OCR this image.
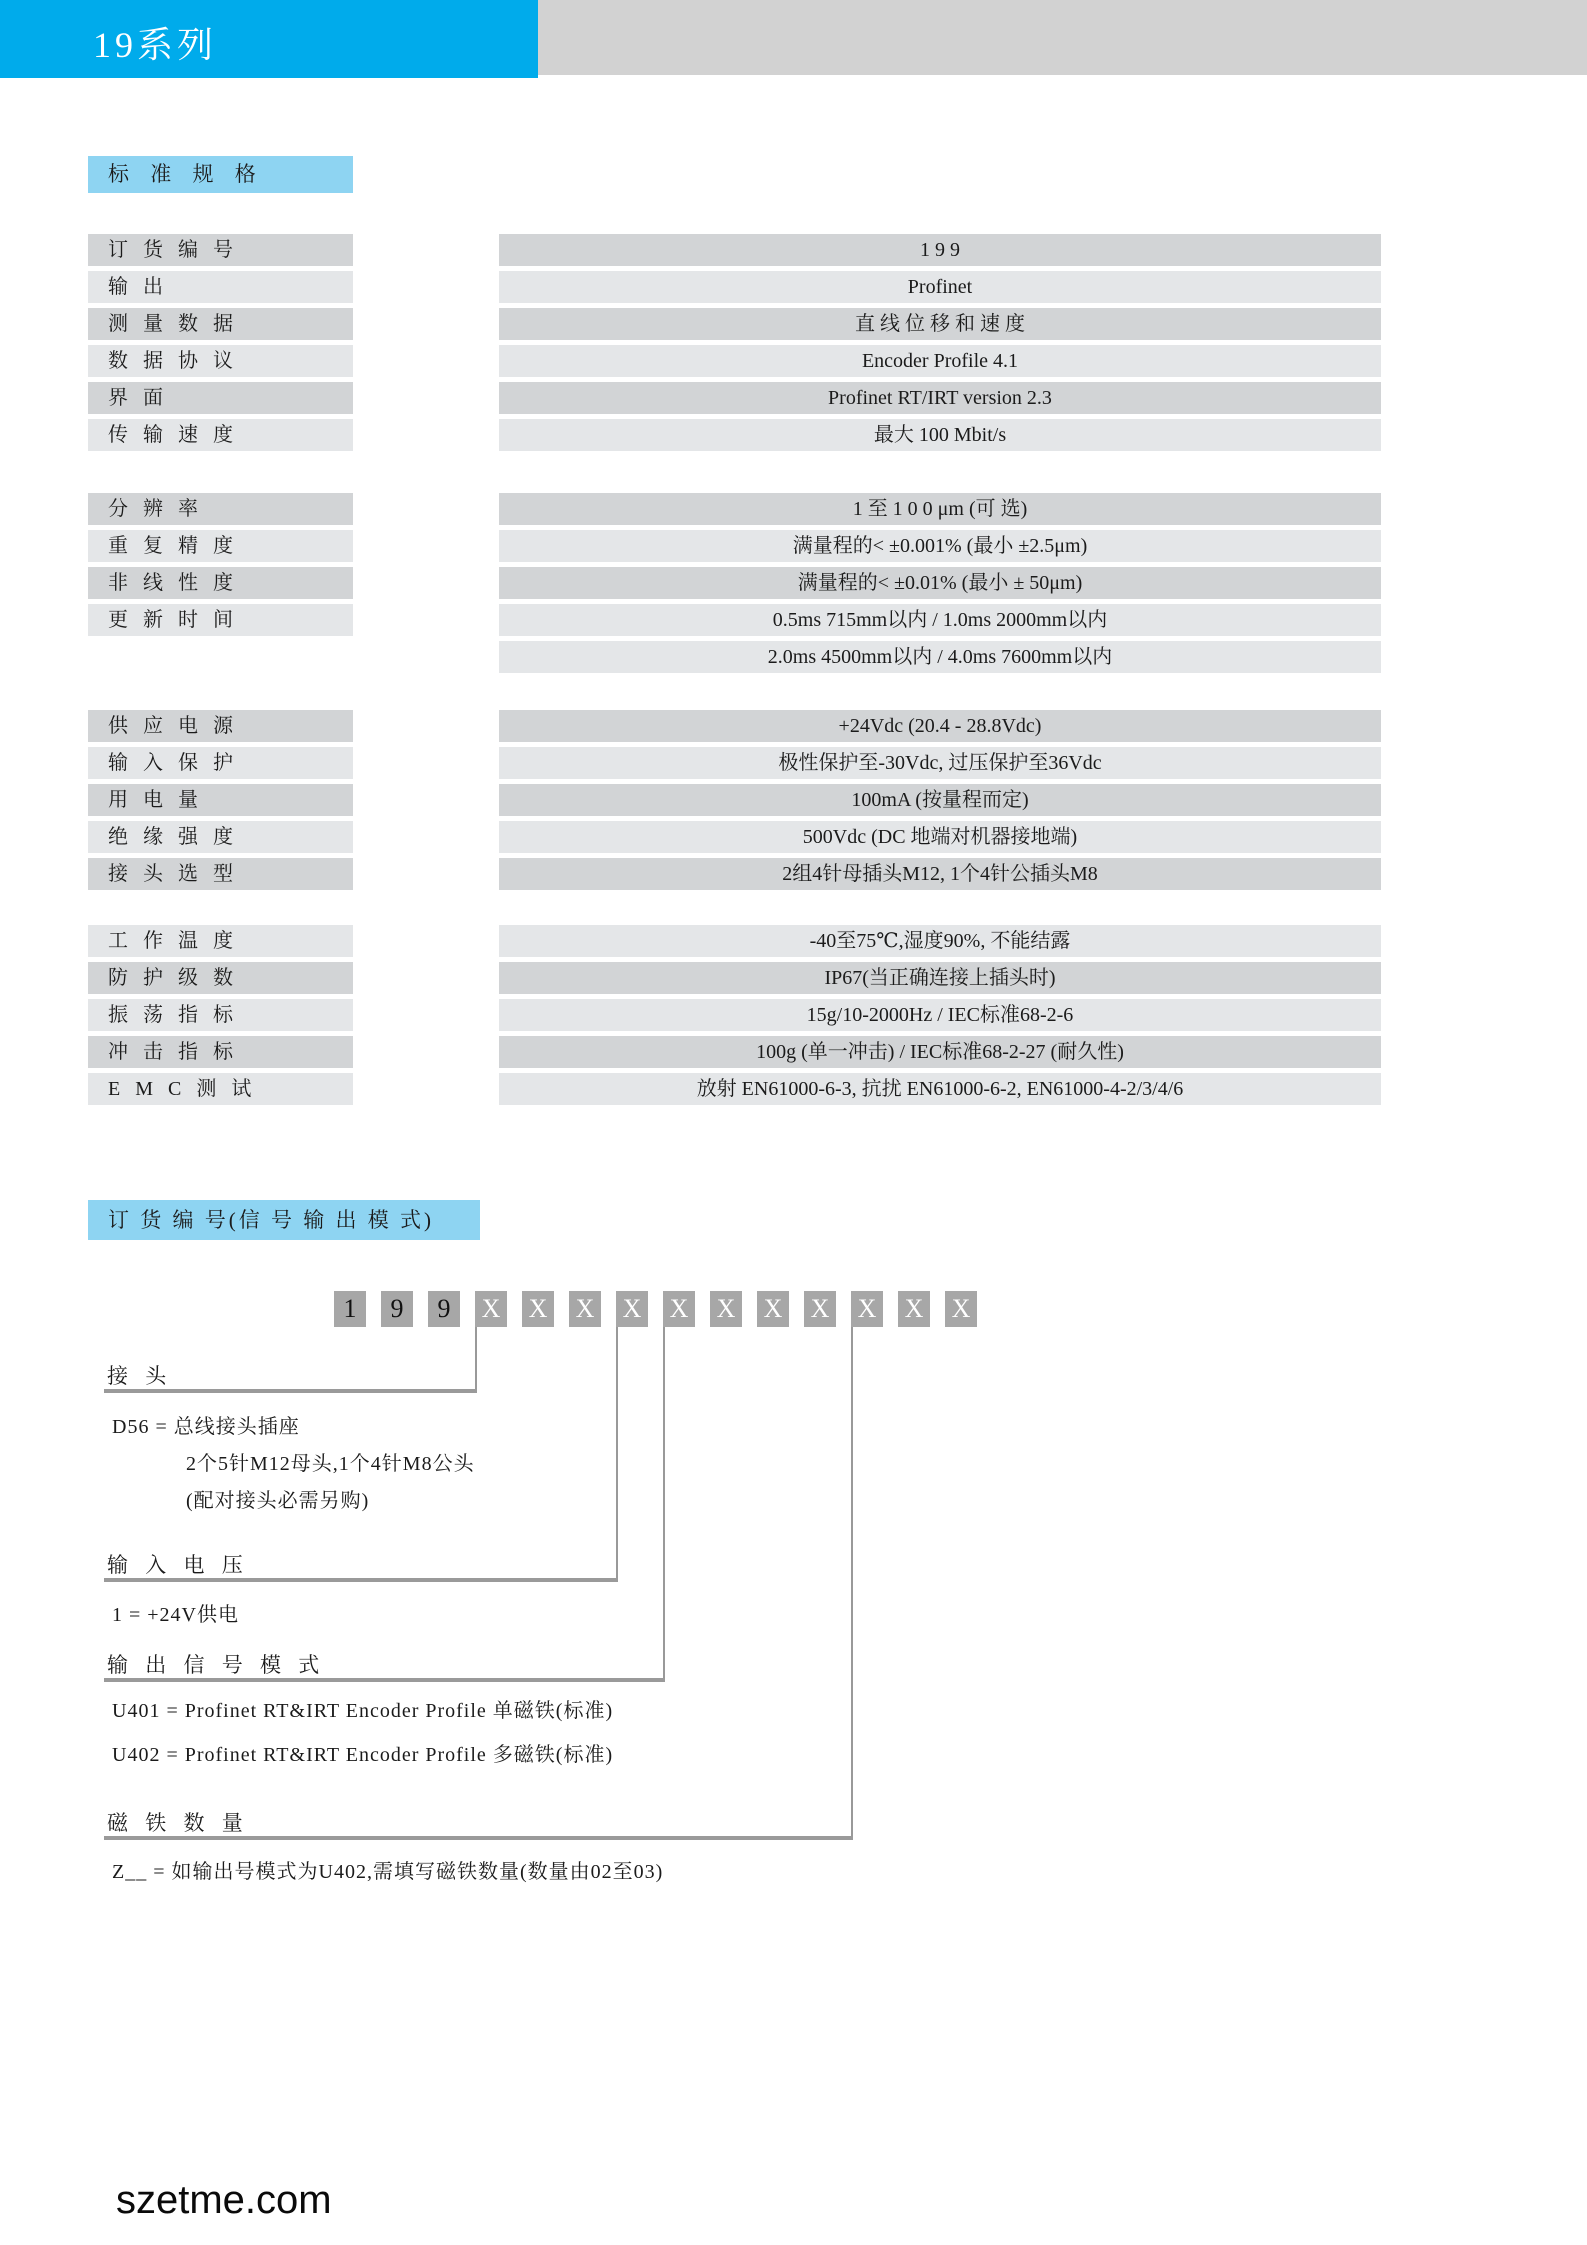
19系列
标 准 规 格
订 货 编 号	1 9 9
输 出	Profinet
测 量 数 据	直 线 位 移 和 速 度
数 据 协 议	Encoder Profile 4.1
界 面	Profinet RT/IRT version 2.3
传 输 速 度	最大 100 Mbit/s
分 辨 率	1 至 1 0 0 μm (可 选)
重 复 精 度	满量程的< ±0.001% (最小 ±2.5μm)
非 线 性 度	满量程的< ±0.01% (最小 ± 50μm)
更 新 时 间	0.5ms 715mm以内 / 1.0ms 2000mm以内
2.0ms 4500mm以内 / 4.0ms 7600mm以内
供 应 电 源	+24Vdc (20.4 - 28.8Vdc)
输 入 保 护	极性保护至-30Vdc, 过压保护至36Vdc
用 电 量	100mA (按量程而定)
绝 缘 强 度	500Vdc (DC 地端对机器接地端)
接 头 选 型	2组4针母插头M12, 1个4针公插头M8
工 作 温 度	-40至75℃,湿度90%, 不能结露
防 护 级 数	IP67(当正确连接上插头时)
振 荡 指 标	15g/10-2000Hz / IEC标准68-2-6
冲 击 指 标	100g (单一冲击) / IEC标准68-2-27 (耐久性)
E M C 测 试	放射 EN61000-6-3, 抗扰 EN61000-6-2, EN61000-4-2/3/4/6
订 货 编 号(信 号 输 出 模 式)
1	9	9	X X X X X X X X X X X
接 头
D56 = 总线接头插座
2个5针M12母头,1个4针M8公头
(配对接头必需另购)
输 入 电 压
1 = +24V供电
输 出 信 号 模 式
U401 = Profinet RT&IRT Encoder Profile 单磁铁(标准)
U402 = Profinet RT&IRT Encoder Profile 多磁铁(标准)
磁 铁 数 量
Z__ = 如输出号模式为U402,需填写磁铁数量(数量由02至03)
szetme.com
